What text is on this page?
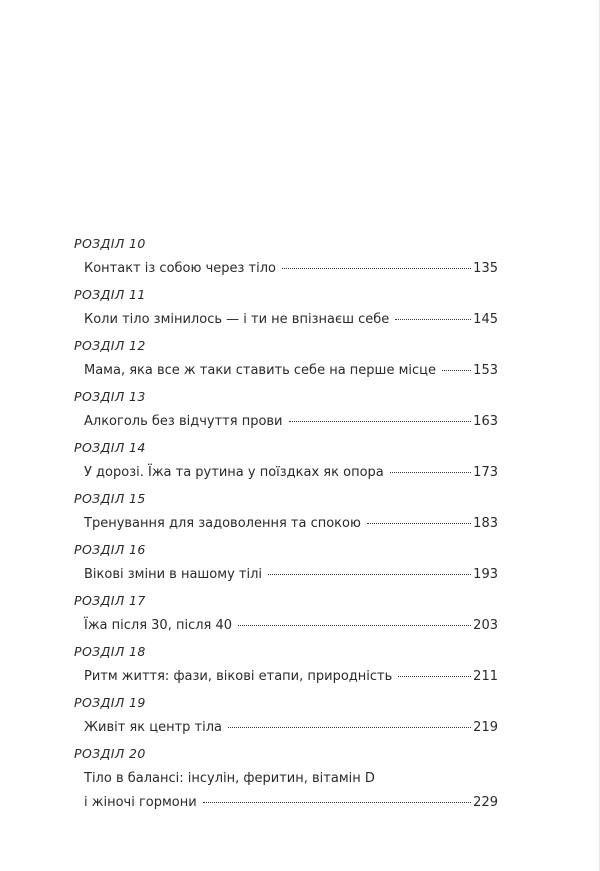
РОЗДІЛ 10
Контакт із собою через тіло	135
РОЗДІЛ 11
Коли тіло змінилось — і ти не впізнаєш себе	145
РОЗДІЛ 12
Мама, яка все ж таки ставить себе на перше місце	153
РОЗДІЛ 13
Алкоголь без відчуття прови	163
РОЗДІЛ 14
У дорозі. Їжа та рутина у поїздках як опора	173
РОЗДІЛ 15
Тренування для задоволення та спокою	183
РОЗДІЛ 16
Вікові зміни в нашому тілі	193
РОЗДІЛ 17
Їжа після 30, після 40	203
РОЗДІЛ 18
Ритм життя: фази, вікові етапи, природність	211
РОЗДІЛ 19
Живіт як центр тіла	219
РОЗДІЛ 20
Тіло в балансі: інсулін, феритин, вітамін D
і жіночі гормони	229
